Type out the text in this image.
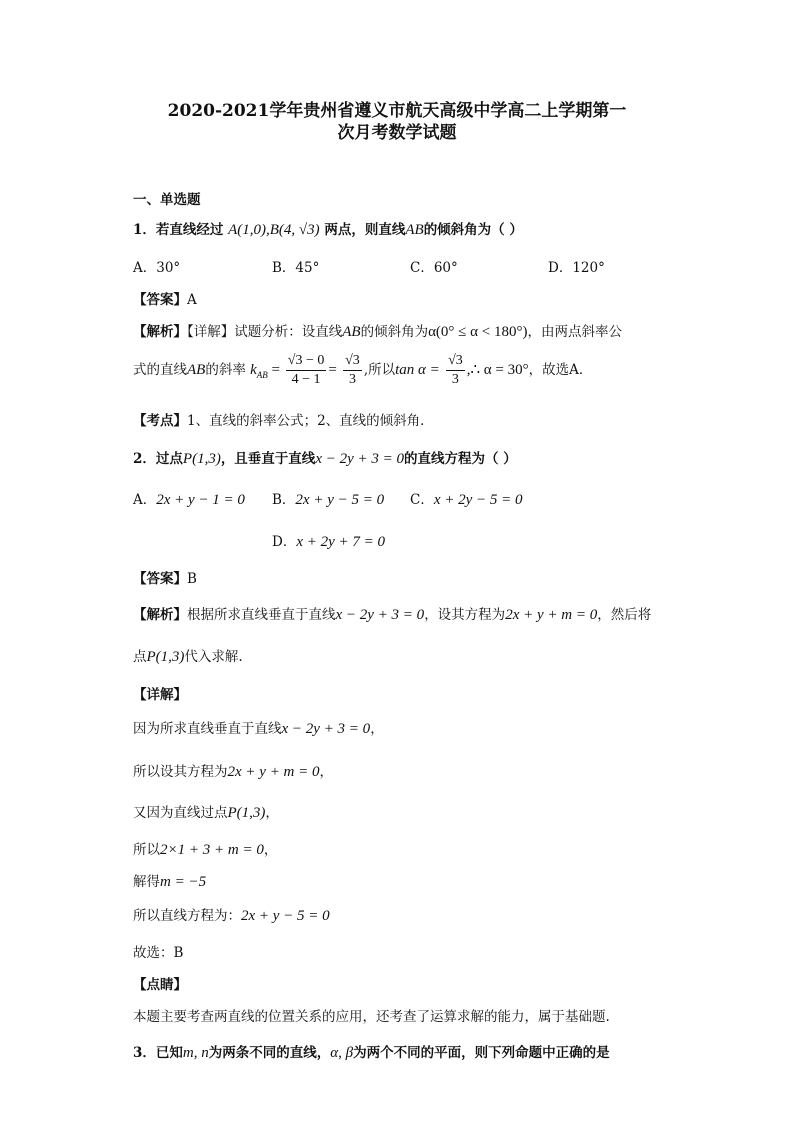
2020-2021学年贵州省遵义市航天高级中学高二上学期第一
次月考数学试题
一、单选题
1．若直线经过 A(1,0),B(4, √3) 两点，则直线AB的倾斜角为（ ）
A．30°	B．45°	C．60°	D．120°
【答案】A
【解析】【详解】试题分析：设直线AB的倾斜角为α(0° ≤ α < 180°)，由两点斜率公
式的直线AB的斜率 $k_{AB} = \frac{√3 - 0}{4 - 1} = \frac{√3}{3}$ ,所以$\tan \alpha = \frac{√3}{3}$ ,∴ α = 30°，故选A．
【考点】1、直线的斜率公式；2、直线的倾斜角．
2．过点P(1,3)，且垂直于直线x − 2y + 3 = 0的直线方程为（ ）
A．2x + y − 1 = 0 B．2x + y − 5 = 0 C．x + 2y − 5 = 0
D．x + 2y + 7 = 0
【答案】B
【解析】根据所求直线垂直于直线x − 2y + 3 = 0，设其方程为2x + y + m = 0，然后将
点P(1,3)代入求解.
【详解】
因为所求直线垂直于直线x − 2y + 3 = 0，
所以设其方程为2x + y + m = 0，
又因为直线过点P(1,3)，
所以2×1 + 3 + m = 0，
解得m = −5
所以直线方程为：2x + y − 5 = 0
故选：B
【点睛】
本题主要考查两直线的位置关系的应用，还考查了运算求解的能力，属于基础题.
3．已知m, n为两条不同的直线，α, β为两个不同的平面，则下列命题中正确的是
